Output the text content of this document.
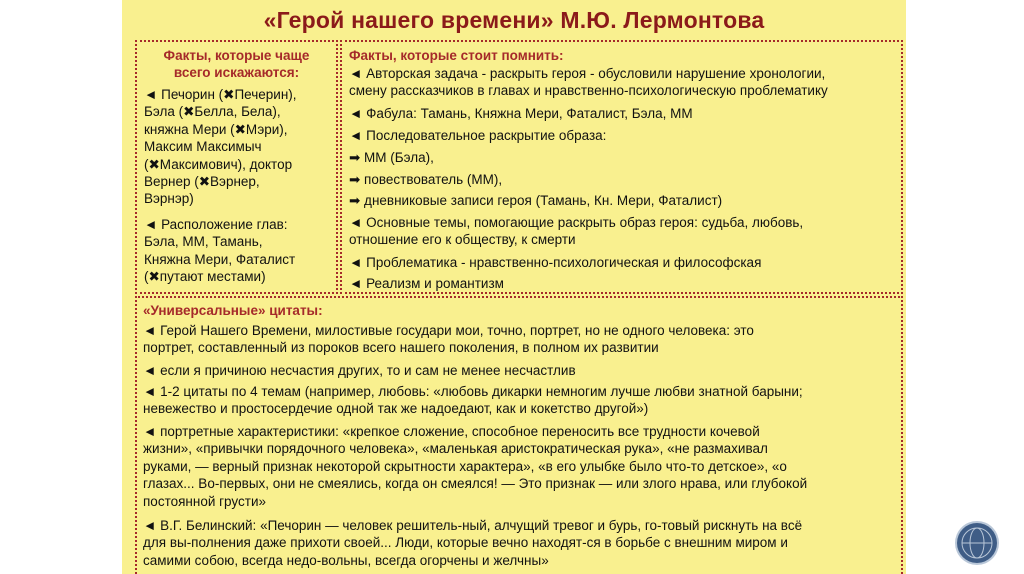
«Герой нашего времени» М.Ю. Лермонтова
Факты, которые чаще
всего искажаются:
◄ Печорин (✖Печерин),
Бэла (✖Белла, Бела),
княжна Мери (✖Мэри),
Максим Максимыч
(✖Максимович), доктор
Вернер (✖Вэрнер,
Вэрнэр)
◄ Расположение глав:
Бэла, ММ, Тамань,
Княжна Мери, Фаталист
(✖путают местами)
Факты, которые стоит помнить:
◄ Авторская задача - раскрыть героя - обусловили нарушение хронологии,
смену рассказчиков в главах и нравственно-психологическую проблематику
◄ Фабула: Тамань, Княжна Мери, Фаталист, Бэла, ММ
◄ Последовательное раскрытие образа:
➡ ММ (Бэла),
➡ повествователь (ММ),
➡ дневниковые записи героя (Тамань, Кн. Мери, Фаталист)
◄ Основные темы, помогающие раскрыть образ героя: судьба, любовь,
отношение его к обществу, к смерти
◄ Проблематика - нравственно-психологическая и философская
◄ Реализм и романтизм
«Универсальные» цитаты:
◄ Герой Нашего Времени, милостивые государи мои, точно, портрет, но не одного человека: это
портрет, составленный из пороков всего нашего поколения, в полном их развитии
◄ если я причиною несчастия других, то и сам не менее несчастлив
◄ 1-2 цитаты по 4 темам (например, любовь: «любовь дикарки немногим лучше любви знатной барыни;
невежество и простосердечие одной так же надоедают, как и кокетство другой»)
◄ портретные характеристики: «крепкое сложение, способное переносить все трудности кочевой
жизни», «привычки порядочного человека», «маленькая аристократическая рука», «не размахивал
руками, — верный признак некоторой скрытности характера», «в его улыбке было что-то детское», «о
глазах... Во-первых, они не смеялись, когда он смеялся! — Это признак — или злого нрава, или глубокой
постоянной грусти»
◄ В.Г. Белинский: «Печорин — человек решитель-ный, алчущий тревог и бурь, го-товый рискнуть на всё
для вы-полнения даже прихоти своей... Люди, которые вечно находят-ся в борьбе с внешним миром и
самими собою, всегда недо-вольны, всегда огорчены и желчны»
